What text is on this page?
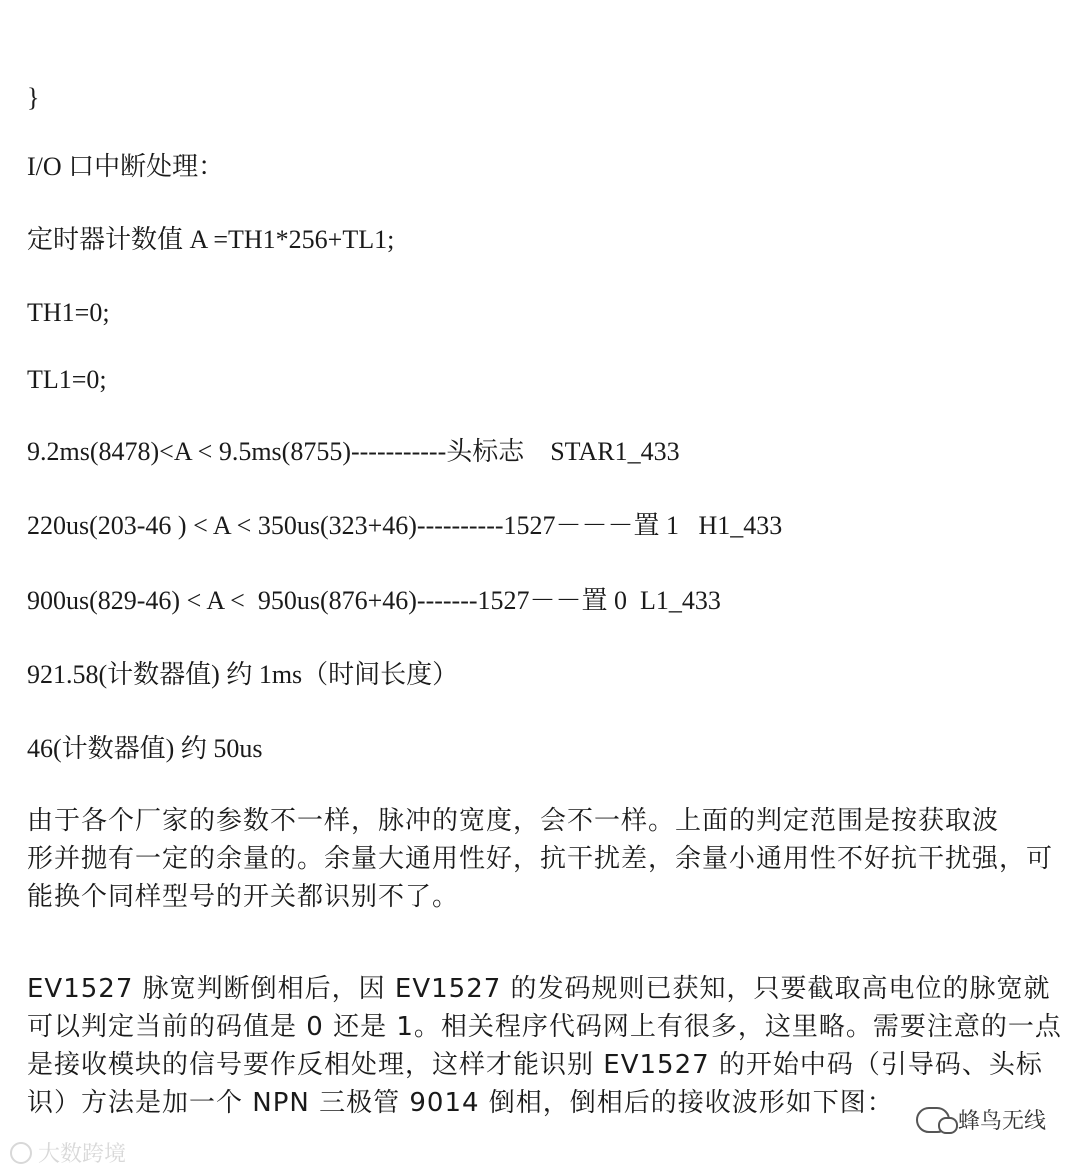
}
I/O 口中断处理：
定时器计数值 A =TH1*256+TL1;
TH1=0;
TL1=0;
9.2ms(8478)<A < 9.5ms(8755)-----------头标志    STAR1_433
220us(203-46 ) < A < 350us(323+46)----------1527－－－置 1   H1_433
900us(829-46) < A <  950us(876+46)-------1527－－置 0  L1_433
921.58(计数器值) 约 1ms（时间长度）
46(计数器值) 约 50us
由于各个厂家的参数不一样，脉冲的宽度，会不一样。上面的判定范围是按获取波
形并抛有一定的余量的。余量大通用性好，抗干扰差，余量小通用性不好抗干扰强，可
能换个同样型号的开关都识别不了。
EV1527 脉宽判断倒相后，因 EV1527 的发码规则已获知，只要截取高电位的脉宽就
可以判定当前的码值是 0 还是 1。相关程序代码网上有很多，这里略。需要注意的一点
是接收模块的信号要作反相处理，这样才能识别 EV1527 的开始中码（引导码、头标
识）方法是加一个 NPN 三极管 9014 倒相，倒相后的接收波形如下图：
蜂鸟无线
大数跨境
